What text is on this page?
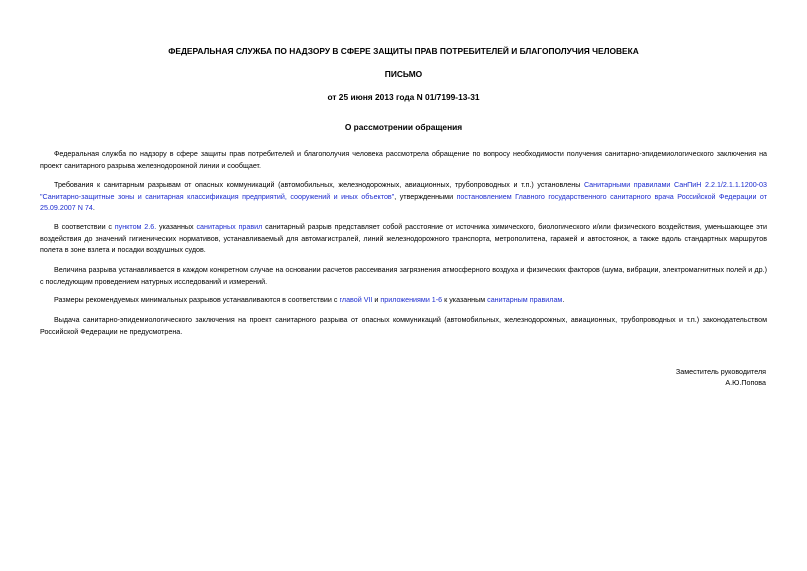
ФЕДЕРАЛЬНАЯ СЛУЖБА ПО НАДЗОРУ В СФЕРЕ ЗАЩИТЫ ПРАВ ПОТРЕБИТЕЛЕЙ И БЛАГОПОЛУЧИЯ ЧЕЛОВЕКА
ПИСЬМО
от 25 июня 2013 года N 01/7199-13-31
О рассмотрении обращения

Федеральная служба по надзору в сфере защиты прав потребителей и благополучия человека рассмотрела обращение по вопросу необходимости получения санитарно-эпидемиологического заключения на проект санитарного разрыва железнодорожной линии и сообщает.

Требования к санитарным разрывам от опасных коммуникаций (автомобильных, железнодорожных, авиационных, трубопроводных и т.п.) установлены Санитарными правилами СанПиН 2.2.1/2.1.1.1200-03 "Санитарно-защитные зоны и санитарная классификация предприятий, сооружений и иных объектов", утвержденными постановлением Главного государственного санитарного врача Российской Федерации от 25.09.2007 N 74.

В соответствии с пунктом 2.6. указанных санитарных правил санитарный разрыв представляет собой расстояние от источника химического, биологического и/или физического воздействия, уменьшающее эти воздействия до значений гигиенических нормативов, устанавливаемый для автомагистралей, линий железнодорожного транспорта, метрополитена, гаражей и автостоянок, а также вдоль стандартных маршрутов полета в зоне взлета и посадки воздушных судов.

Величина разрыва устанавливается в каждом конкретном случае на основании расчетов рассеивания загрязнения атмосферного воздуха и физических факторов (шума, вибрации, электромагнитных полей и др.) с последующим проведением натурных исследований и измерений.

Размеры рекомендуемых минимальных разрывов устанавливаются в соответствии с главой VII и приложениями 1-6 к указанным санитарным правилам.

Выдача санитарно-эпидемиологического заключения на проект санитарного разрыва от опасных коммуникаций (автомобильных, железнодорожных, авиационных, трубопроводных и т.п.) законодательством Российской Федерации не предусмотрена.

Заместитель руководителя
А.Ю.Попова
